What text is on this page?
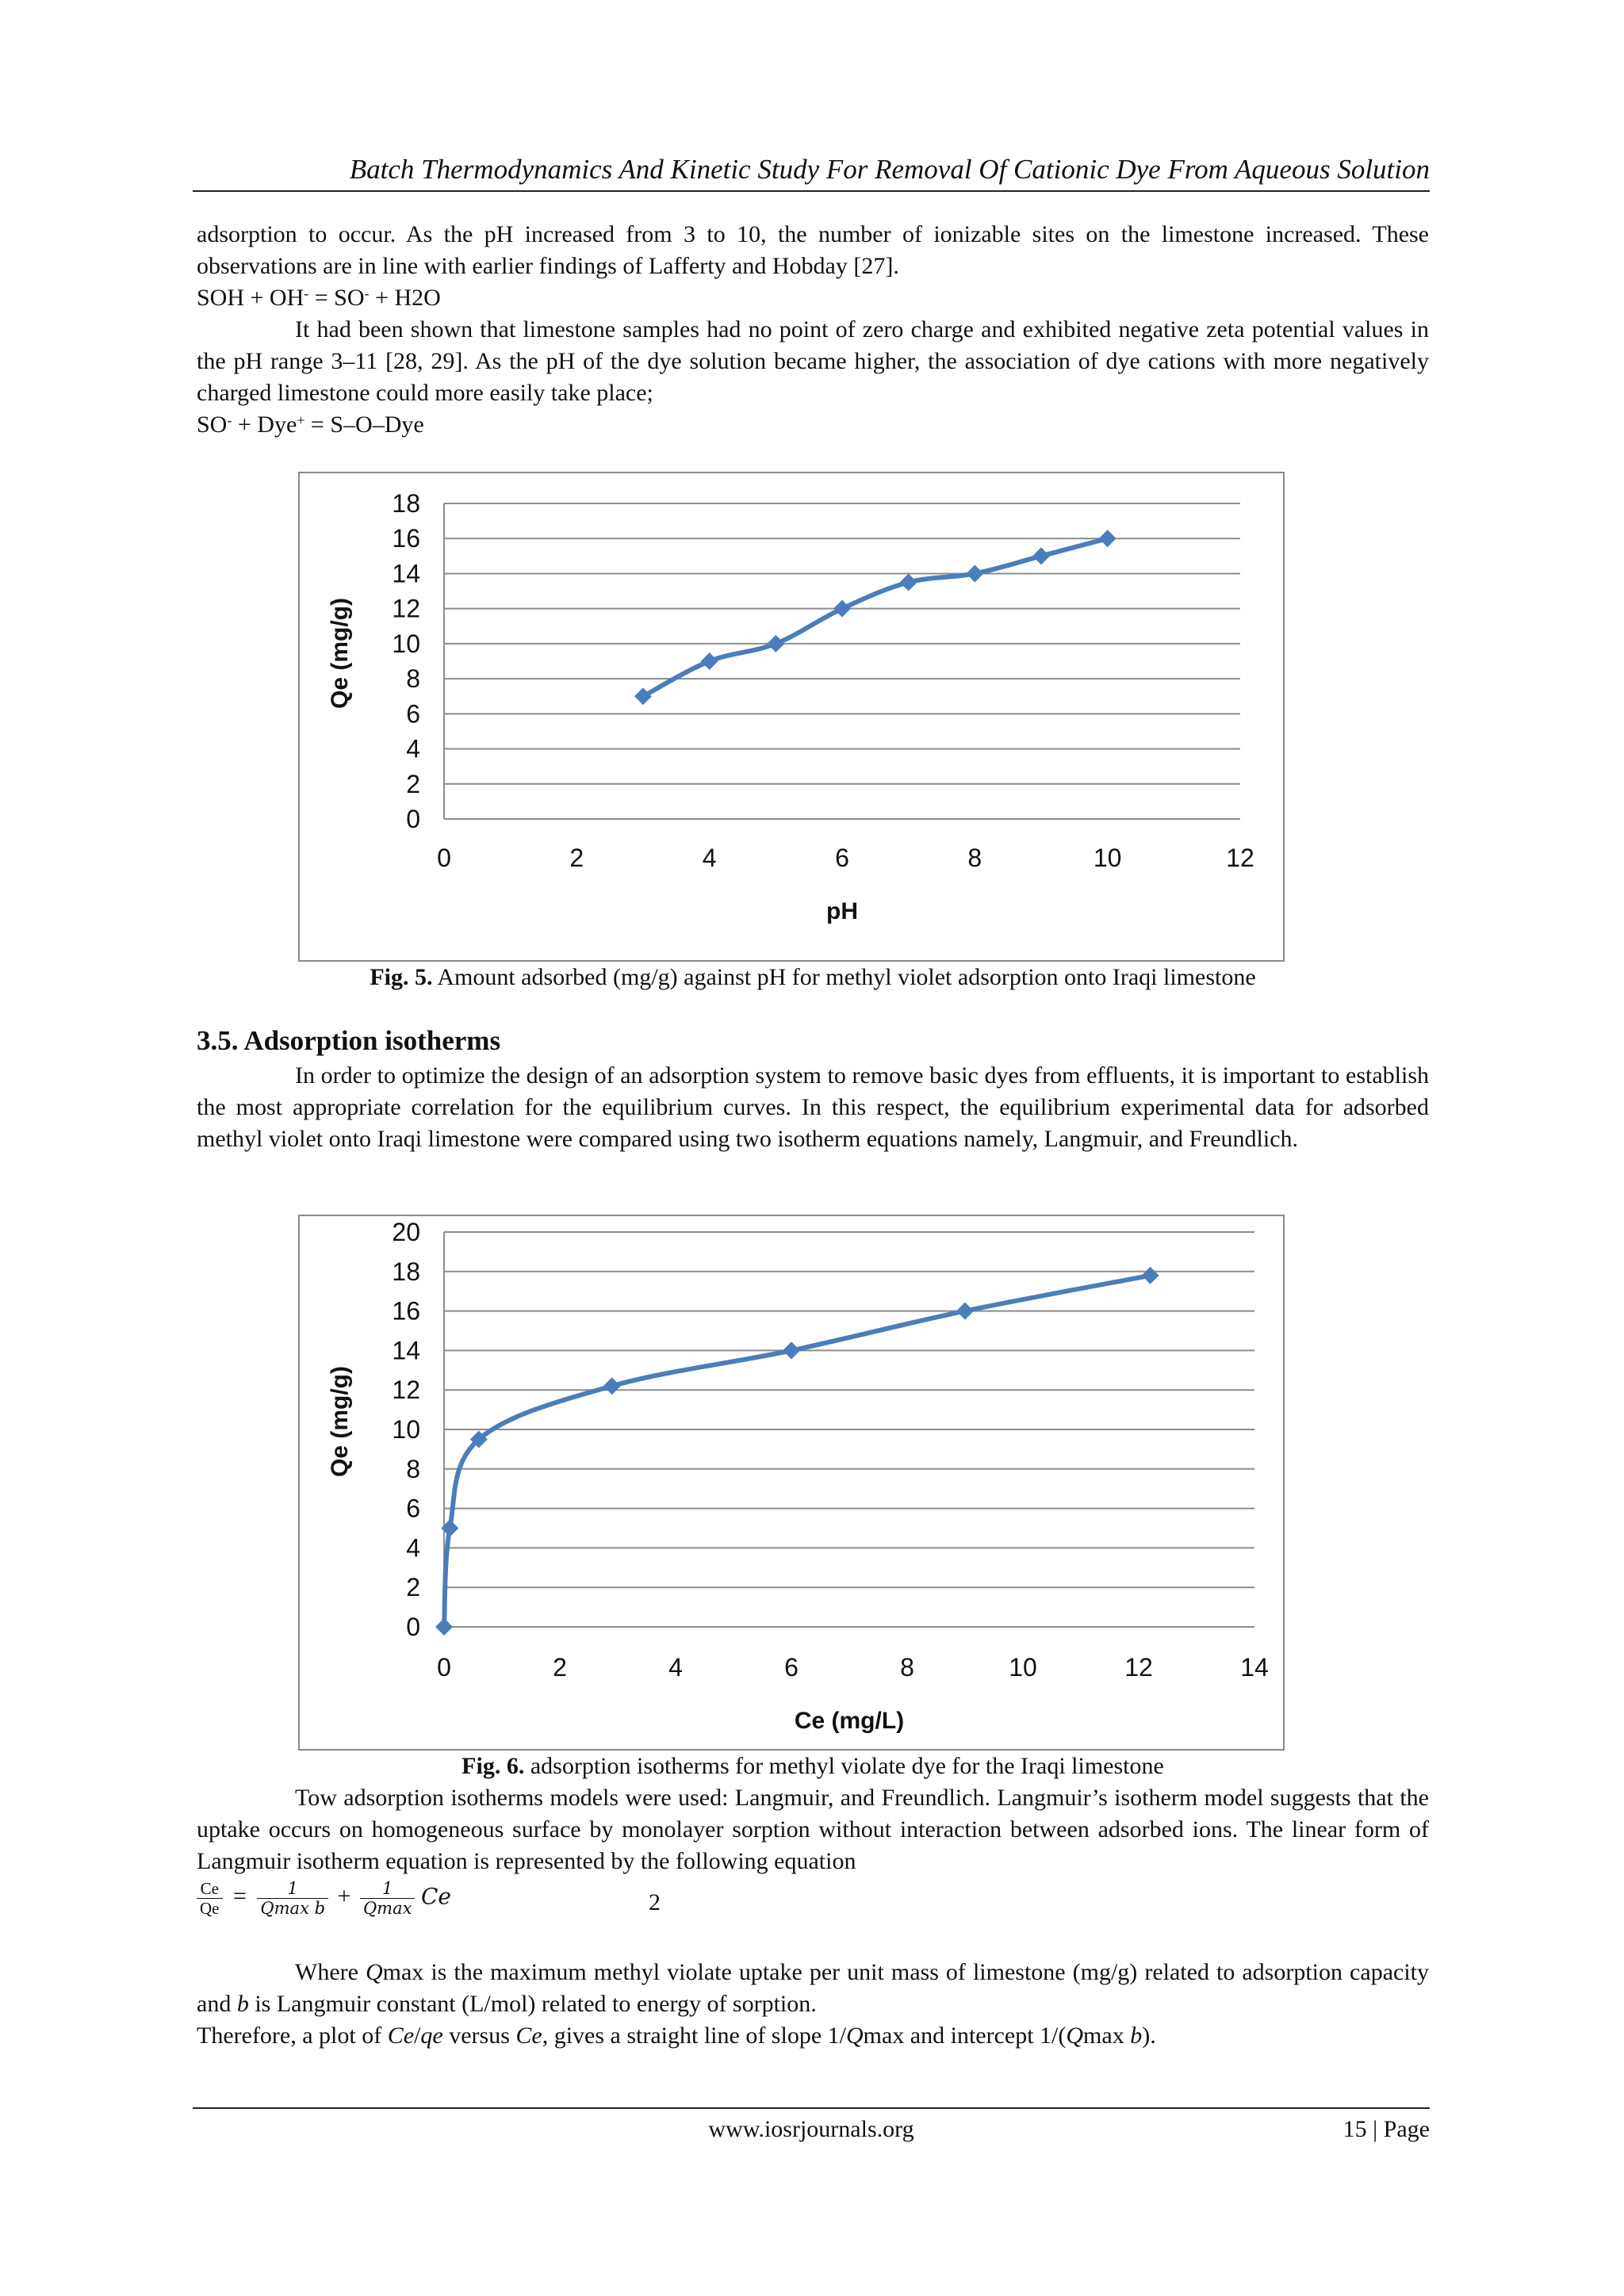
Batch Thermodynamics And Kinetic Study For Removal Of Cationic Dye From Aqueous Solution
adsorption to occur. As the pH increased from 3 to 10, the number of ionizable sites on the limestone increased. These observations are in line with earlier findings of Lafferty and Hobday [27].
SOH + OH- = SO- + H2O
It had been shown that limestone samples had no point of zero charge and exhibited negative zeta potential values in the pH range 3–11 [28, 29]. As the pH of the dye solution became higher, the association of dye cations with more negatively charged limestone could more easily take place;
SO- + Dye+ = S–O–Dye
0
2
4
6
8
10
12
14
16
18
0	2	4	6	8	10	12
pH
Qe (mg/g)
Fig. 5. Amount adsorbed (mg/g) against pH for methyl violet adsorption onto Iraqi limestone
3.5. Adsorption isotherms
In order to optimize the design of an adsorption system to remove basic dyes from effluents, it is important to establish the most appropriate correlation for the equilibrium curves. In this respect, the equilibrium experimental data for adsorbed methyl violet onto Iraqi limestone were compared using two isotherm equations namely, Langmuir, and Freundlich.
0
2
4
6
8
10
12
14
16
18
20
0	2	4	6	8	10	12	14
Ce (mg/L)
Qe (mg/g)
Fig. 6. adsorption isotherms for methyl violate dye for the Iraqi limestone
Tow adsorption isotherms models were used: Langmuir, and Freundlich. Langmuir’s isotherm model suggests that the uptake occurs on homogeneous surface by monolayer sorption without interaction between adsorbed ions. The linear form of Langmuir isotherm equation is represented by the following equation
$\frac{Ce}{Qe} = \frac{1}{\text{Qmax b}} + \frac{1}{Qmax}$ Ce	2
Where Qmax is the maximum methyl violate uptake per unit mass of limestone (mg/g) related to adsorption capacity and b is Langmuir constant (L/mol) related to energy of sorption.
Therefore, a plot of Ce/qe versus Ce, gives a straight line of slope 1/Qmax and intercept 1/(Qmax b).
www.iosrjournals.org	15 | Page
